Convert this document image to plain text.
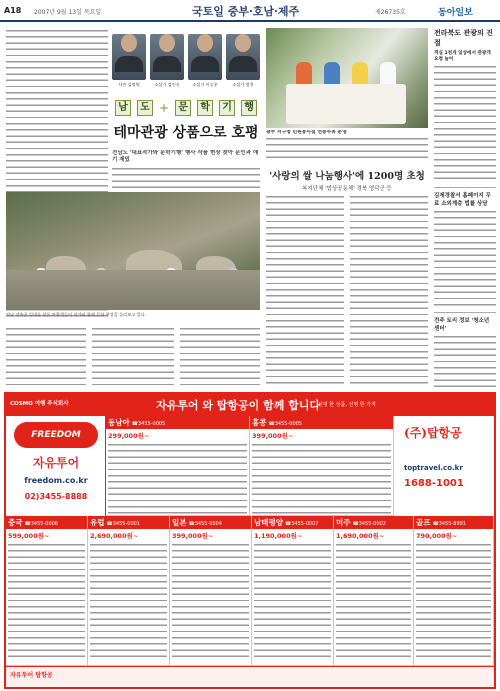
A18 2007년 9월 13일 목요일	국토일 중부·호남·제주	제26735호	동아일보
사진 김명원	소설가 김인숙	소설가 이승우	소설가 정찬
남	도 + 문	학	기	행
테마관광 상품으로 호평
전남도 '대표작가와 문학기행' 행사 작품 현장 찾아 문인과 얘기 재밌
전남 장흥군 일대를 찾은 관광객들이 작가와 함께 문학 현장을 둘러보고 있다.
광주 서구청 민원봉사실 연중무휴 운영
'사랑의 쌀 나눔행사'에 1200명 초청
복지단체 '밥상공동체' 경북 영덕군 등
전라북도 관광의 진절
객실 1천개 일상에서 관광객 요청 늘어
김제경찰서 홈페이지 무료 소외계층 법률 상담
전주 토리 정보 '청소년 센터'
COSMO 여행 주식회사	자유투어 와 탑항공이 함께 합니다
선명 한 상품, 선명 한 가격
FREEDOM
자유투어
freedom.co.kr
02)3455-8888
동남아 ☎3455-0005
299,000원~
홍콩 ☎3455-0005
399,000원~	(주)탑항공
toptravel.co.kr
1688-1001
중국 ☎3455-0006
599,000원~
유럽 ☎3455-0001
2,690,000원~
일본 ☎3455-0004
399,000원~
남태평양 ☎3455-0007
1,190,000원~
미주 ☎3455-0002
1,690,000원~
골프 ☎3455-8991
790,000원~
자유투어 탑항공
